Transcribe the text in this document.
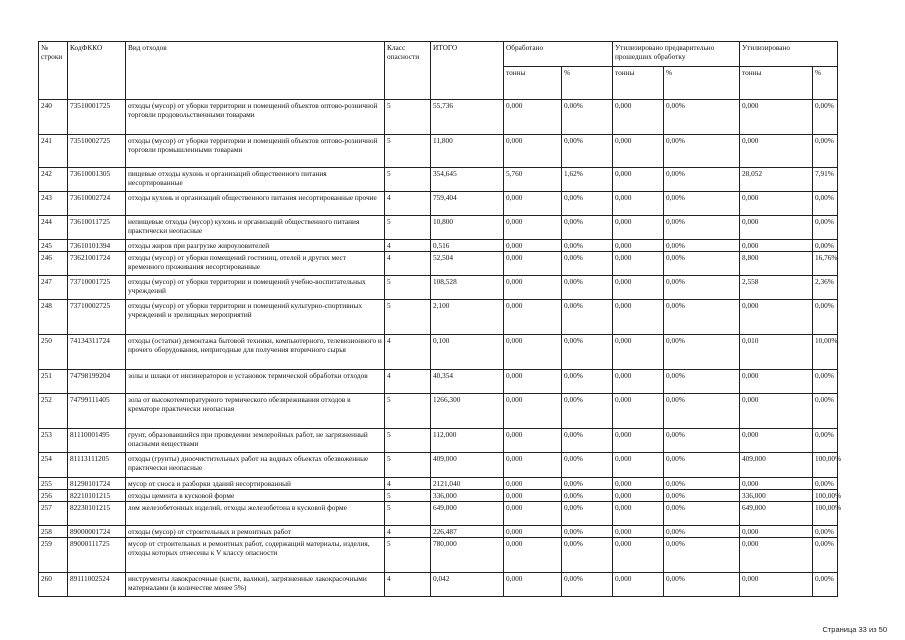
№ строки	КодФККО	Вид отходов	Класс опасности	ИТОГО	Обработано		Утилизировано предварительно прошедших обработку		Утилизировано	
					тонны	%	тонны	%	тонны	%
240	73510001725	отходы (мусор) от уборки территории и помещений объектов оптово-розничной торговли продовольственными товарами	5	55,736	0,000	0,00%	0,000	0,00%	0,000	0,00%
241	73510002725	отходы (мусор) от уборки территории и помещений объектов оптово-розничной торговли промышленными товарами	5	11,800	0,000	0,00%	0,000	0,00%	0,000	0,00%
242	73610001305	пищевые отходы кухонь и организаций общественного питания несортированные	5	354,645	5,760	1,62%	0,000	0,00%	28,052	7,91%
243	73610002724	отходы кухонь и организаций общественного питания несортированные прочие	4	759,404	0,000	0,00%	0,000	0,00%	0,000	0,00%
244	73610011725	непищевые отходы (мусор) кухонь и организаций общественного питания практически неопасные	5	10,800	0,000	0,00%	0,000	0,00%	0,000	0,00%
245	73610101394	отходы жиров при разгрузке жироуловителей	4	0,516	0,000	0,00%	0,000	0,00%	0,000	0,00%
246	73621001724	отходы (мусор) от уборки помещений гостиниц, отелей и других мест временного проживания несортированные	4	52,504	0,000	0,00%	0,000	0,00%	8,800	16,76%
247	73710001725	отходы (мусор) от уборки территории и помещений учебно-воспитательных учреждений	5	108,528	0,000	0,00%	0,000	0,00%	2,558	2,36%
248	73710002725	отходы (мусор) от уборки территории и помещений культурно-спортивных учреждений и зрелищных мероприятий	5	2,100	0,000	0,00%	0,000	0,00%	0,000	0,00%
250	74134311724	отходы (остатки) демонтажа бытовой техники, компьютерного, телевизионного и прочего оборудования, непригодные для получения вторичного сырья	4	0,100	0,000	0,00%	0,000	0,00%	0,010	10,00%
251	74798199204	золы и шлаки от инсинераторов и установок термической обработки отходов	4	40,354	0,000	0,00%	0,000	0,00%	0,000	0,00%
252	74799111405	зола от высокотемпературного термического обезвреживания отходов в крематоре практически неопасная	5	1266,300	0,000	0,00%	0,000	0,00%	0,000	0,00%
253	81110001495	грунт, образовавшийся при проведении землеройных работ, не загрязненный опасными веществами	5	112,000	0,000	0,00%	0,000	0,00%	0,000	0,00%
254	81113111205	отходы (грунты) дноочистительных работ на водных объектах обезвоженные практически неопасные	5	409,000	0,000	0,00%	0,000	0,00%	409,000	100,00%
255	81290101724	мусор от сноса и разборки зданий несортированный	4	2121,040	0,000	0,00%	0,000	0,00%	0,000	0,00%
256	82210101215	отходы цемента в кусковой форме	5	336,000	0,000	0,00%	0,000	0,00%	336,000	100,00%
257	82230101215	лом железобетонных изделий, отходы железобетона в кусковой форме	5	649,000	0,000	0,00%	0,000	0,00%	649,000	100,00%
258	89000001724	отходы (мусор) от строительных и ремонтных работ	4	226,487	0,000	0,00%	0,000	0,00%	0,000	0,00%
259	89000111725	мусор от строительных и ремонтных работ, содержащий материалы, изделия, отходы которых отнесены к V классу опасности	5	780,000	0,000	0,00%	0,000	0,00%	0,000	0,00%
260	89111002524	инструменты лакокрасочные (кисти, валики), загрязненные лакокрасочными материалами (в количестве менее 5%)	4	0,042	0,000	0,00%	0,000	0,00%	0,000	0,00%
Страница 33 из 50
